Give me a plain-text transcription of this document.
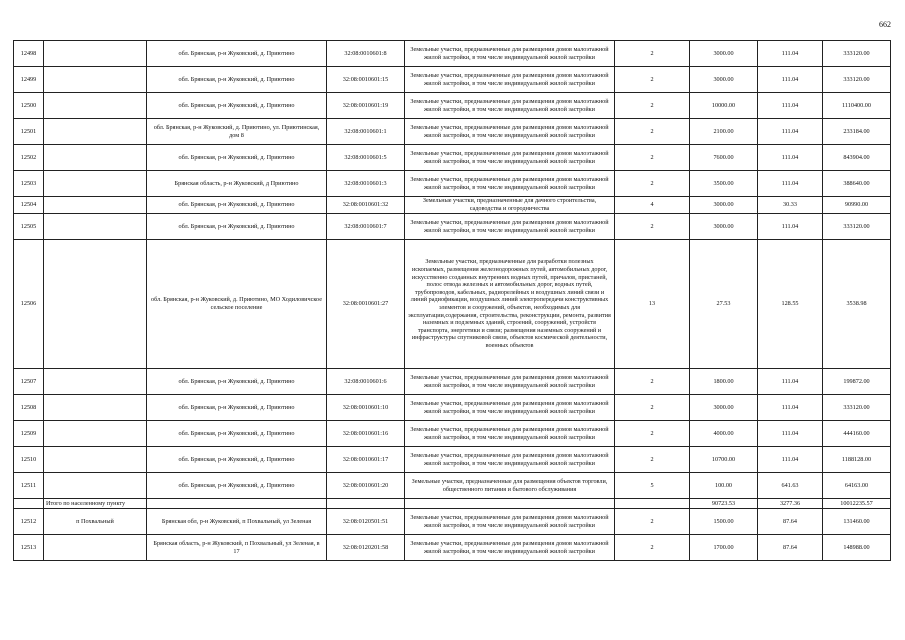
662
12498		обл. Брянская, р-н Жуковский, д. Приютино	32:08:0010601:8	Земельные участки, предназначенные для размещения домов малоэтажной жилой застройки, в том числе индивидуальной жилой застройки	2	3000.00	111.04	333120.00
12499		обл. Брянская, р-н Жуковский, д. Приютино	32:08:0010601:15	Земельные участки, предназначенные для размещения домов малоэтажной жилой застройки, в том числе индивидуальной жилой застройки	2	3000.00	111.04	333120.00
12500		обл. Брянская, р-н Жуковский, д. Приютино	32:08:0010601:19	Земельные участки, предназначенные для размещения домов малоэтажной жилой застройки, в том числе индивидуальной жилой застройки	2	10000.00	111.04	1110400.00
12501		обл. Брянская, р-н Жуковский, д. Приютино, ул. Приютинская, дом 8	32:08:0010601:1	Земельные участки, предназначенные для размещения домов малоэтажной жилой застройки, в том числе индивидуальной жилой застройки	2	2100.00	111.04	233184.00
12502		обл. Брянская, р-н Жуковский, д. Приютино	32:08:0010601:5	Земельные участки, предназначенные для размещения домов малоэтажной жилой застройки, в том числе индивидуальной жилой застройки	2	7600.00	111.04	843904.00
12503		Брянская область, р-н Жуковский, д Приютино	32:08:0010601:3	Земельные участки, предназначенные для размещения домов малоэтажной жилой застройки, в том числе индивидуальной жилой застройки	2	3500.00	111.04	388640.00
12504		обл. Брянская, р-н Жуковский, д. Приютино	32:08:0010601:32	Земельные участки, предназначенные для дачного строительства, садоводства и огородничества	4	3000.00	30.33	90990.00
12505		обл. Брянская, р-н Жуковский, д. Приютино	32:08:0010601:7	Земельные участки, предназначенные для размещения домов малоэтажной жилой застройки, в том числе индивидуальной жилой застройки	2	3000.00	111.04	333120.00
12506		обл. Брянская, р-н Жуковский, д. Приютино, МО Ходиловичское сельское поселение	32:08:0010601:27	Земельные участки, предназначенные для разработки полезных ископаемых, размещения железнодорожных путей, автомобильных дорог, искусственно созданных внутренних водных путей, причалов, пристаней, полос отвода железных и автомобильных дорог, водных путей, трубопроводов, кабельных, радиорелейных и воздушных линий связи и линий радиофикации, воздушных линий электропередачи конструктивных элементов и сооружений, объектов, необходимых для эксплуатации,содержания, строительства, реконструкции, ремонта, развития наземных и подземных зданий, строений, сооружений, устройств транспорта, энергетики и связи; размещения наземных сооружений и инфраструктуры спутниковой связи, объектов космической деятельности, военных объектов	13	27.53	128.55	3538.98
12507		обл. Брянская, р-н Жуковский, д. Приютино	32:08:0010601:6	Земельные участки, предназначенные для размещения домов малоэтажной жилой застройки, в том числе индивидуальной жилой застройки	2	1800.00	111.04	199872.00
12508		обл. Брянская, р-н Жуковский, д. Приютино	32:08:0010601:10	Земельные участки, предназначенные для размещения домов малоэтажной жилой застройки, в том числе индивидуальной жилой застройки	2	3000.00	111.04	333120.00
12509		обл. Брянская, р-н Жуковский, д. Приютино	32:08:0010601:16	Земельные участки, предназначенные для размещения домов малоэтажной жилой застройки, в том числе индивидуальной жилой застройки	2	4000.00	111.04	444160.00
12510		обл. Брянская, р-н Жуковский, д. Приютино	32:08:0010601:17	Земельные участки, предназначенные для размещения домов малоэтажной жилой застройки, в том числе индивидуальной жилой застройки	2	10700.00	111.04	1188128.00
12511		обл. Брянская, р-н Жуковский, д. Приютино	32:08:0010601:20	Земельные участки, предназначенные для размещения объектов торговли, общественного питания и бытового обслуживания	5	100.00	641.63	64163.00
	Итого по населенному пункту					90723.53	3277.36	10012235.57
12512	п Похвальный	Брянская обл, р-н Жуковский, п Похвальный, ул Зеленая	32:08:0120501:51	Земельные участки, предназначенные для размещения домов малоэтажной жилой застройки, в том числе индивидуальной жилой застройки	2	1500.00	87.64	131460.00
12513		Брянская область, р-н Жуковский, п Похвальный, ул Зеленая, в 17	32:08:0120201:58	Земельные участки, предназначенные для размещения домов малоэтажной жилой застройки, в том числе индивидуальной жилой застройки	2	1700.00	87.64	148988.00
